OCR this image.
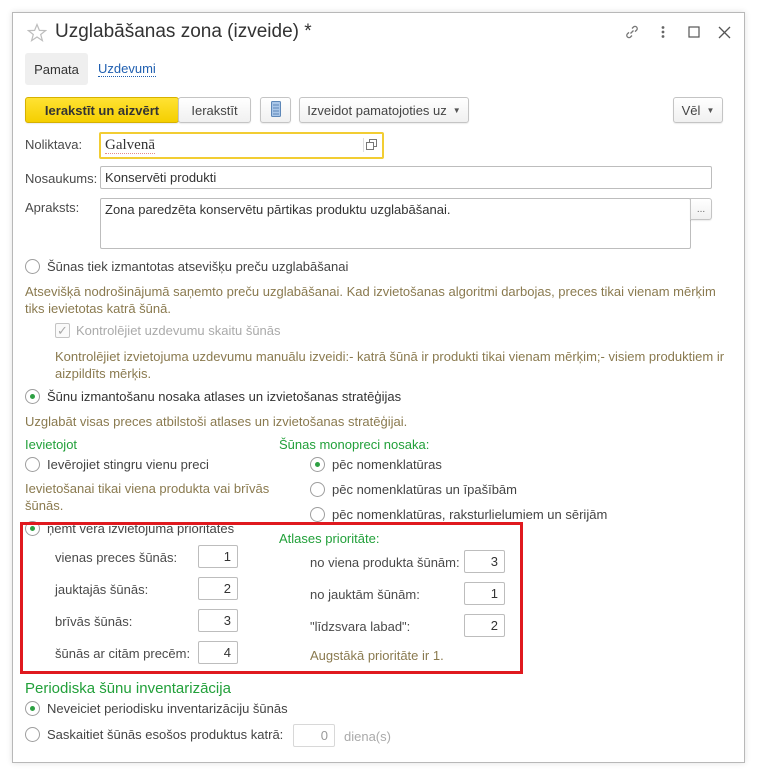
Uzglabāšanas zona (izveide) *
Pamata	Uzdevumi
Ierakstīt un aizvērt	Ierakstīt	Izveidot pamatojoties uz ▼	Vēl ▼
Noliktava:	Galvenā
Nosaukums: Konservēti produkti
Apraksts:	Zona paredzēta konservētu pārtikas produktu uzglabāšanai.	...
Šūnas tiek izmantotas atsevišķu preču uzglabāšanai
Atsevišķā nodrošinājumā saņemto preču uzglabāšanai. Kad izvietošanas algoritmi darbojas, preces tikai vienam mērķim tiks ievietotas katrā šūnā.
✓ Kontrolējiet uzdevumu skaitu šūnās
Kontrolējiet izvietojuma uzdevumu manuālu izveidi:- katrā šūnā ir produkti tikai vienam mērķim;- visiem produktiem ir aizpildīts mērķis.
Šūnu izmantošanu nosaka atlases un izvietošanas stratēģijas
Uzglabāt visas preces atbilstoši atlases un izvietošanas stratēģijai.
Ievietojot
Ievērojiet stingru vienu preci
Ievietošanai tikai viena produkta vai brīvās šūnās.
Šūnas monopreci nosaka:
pēc nomenklatūras
pēc nomenklatūras un īpašībām
pēc nomenklatūras, raksturlielumiem un sērijām
ņemt vērā izvietojuma prioritātes
vienas preces šūnās:	1
jauktajās šūnās:	2
brīvās šūnās:	3
šūnās ar citām precēm:	4
Atlases prioritāte:
no viena produkta šūnām:	3
no jauktām šūnām:	1
"līdzsvara labad":	2
Augstākā prioritāte ir 1.
Periodiska šūnu inventarizācija
Neveiciet periodisku inventarizāciju šūnās
Saskaitiet šūnās esošos produktus katrā:	0	diena(s)
